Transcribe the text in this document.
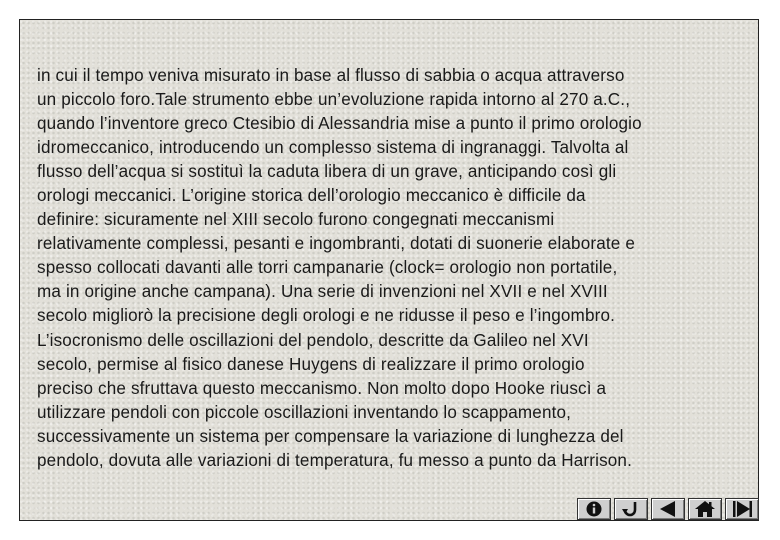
in cui il tempo veniva misurato in base al flusso di sabbia o acqua attraverso
un piccolo foro.Tale strumento ebbe un’evoluzione rapida intorno al 270 a.C.,
quando l’inventore greco Ctesibio di Alessandria mise a punto il primo orologio
idromeccanico, introducendo un complesso sistema di ingranaggi. Talvolta al
flusso dell’acqua si sostituì la caduta libera di un grave, anticipando così gli
orologi meccanici. L’origine storica dell’orologio meccanico è difficile da
definire: sicuramente nel XIII secolo furono congegnati meccanismi
relativamente complessi, pesanti e ingombranti, dotati di suonerie elaborate e
spesso collocati davanti alle torri campanarie (clock= orologio non portatile,
ma in origine anche campana). Una serie di invenzioni nel XVII e nel XVIII
secolo migliorò la precisione degli orologi e ne ridusse il peso e l’ingombro.
L’isocronismo delle oscillazioni del pendolo, descritte da Galileo nel XVI
secolo, permise al fisico danese Huygens di realizzare il primo orologio
preciso che sfruttava questo meccanismo. Non molto dopo Hooke riuscì a
utilizzare pendoli con piccole oscillazioni inventando lo scappamento,
successivamente un sistema per compensare la variazione di lunghezza del
pendolo, dovuta alle variazioni di temperatura, fu messo a punto da Harrison.
